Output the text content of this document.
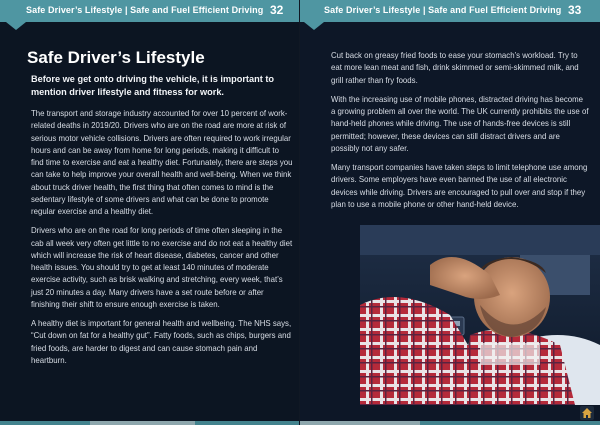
Safe Driver’s Lifestyle | Safe and Fuel Efficient Driving 32
Safe Driver’s Lifestyle

Before we get onto driving the vehicle, it is important to mention driver lifestyle and fitness for work.

The transport and storage industry accounted for over 10 percent of work-related deaths in 2019/20. Drivers who are on the road are more at risk of serious motor vehicle collisions. Drivers are often required to work irregular hours and can be away from home for long periods, making it difficult to find time to exercise and eat a healthy diet. Fortunately, there are steps you can take to help improve your overall health and well-being. When we think about truck driver health, the first thing that often comes to mind is the sedentary lifestyle of some drivers and what can be done to promote regular exercise and a healthy diet.

Drivers who are on the road for long periods of time often sleeping in the cab all week very often get little to no exercise and do not eat a healthy diet which will increase the risk of heart disease, diabetes, cancer and other health issues. You should try to get at least 140 minutes of moderate exercise activity, such as brisk walking and stretching, every week, that’s just 20 minutes a day. Many drivers have a set route before or after finishing their shift to ensure enough exercise is taken.

A healthy diet is important for general health and wellbeing. The NHS says, “Cut down on fat for a healthy gut”. Fatty foods, such as chips, burgers and fried foods, are harder to digest and can cause stomach pain and heartburn.

Safe Driver’s Lifestyle | Safe and Fuel Efficient Driving 33

Cut back on greasy fried foods to ease your stomach’s workload. Try to eat more lean meat and fish, drink skimmed or semi-skimmed milk, and grill rather than fry foods.

With the increasing use of mobile phones, distracted driving has become a growing problem all over the world. The UK currently prohibits the use of hand-held phones while driving. The use of hands-free devices is still permitted; however, these devices can still distract drivers and are possibly not any safer.

Many transport companies have taken steps to limit telephone use among drivers. Some employers have even banned the use of all electronic devices while driving. Drivers are encouraged to pull over and stop if they plan to use a mobile phone or other hand-held device.
